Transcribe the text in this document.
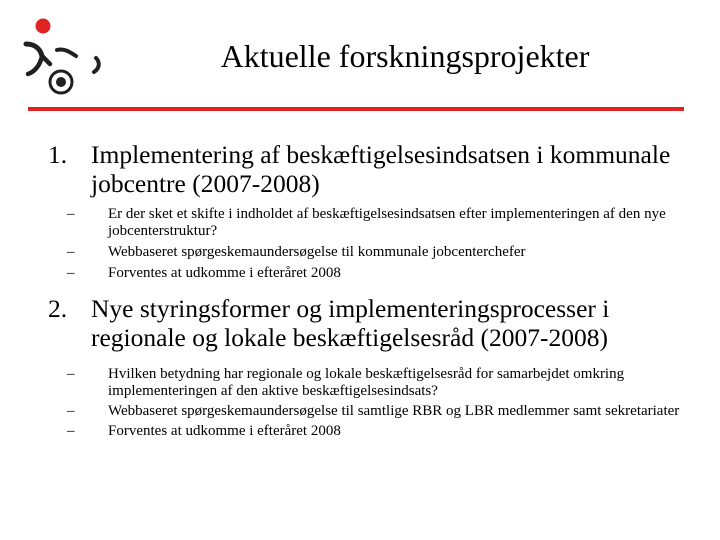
Aktuelle forskningsprojekter
1. Implementering af beskæftigelsesindsatsen i kommunale jobcentre (2007-2008)
– Er der sket et skifte i indholdet af beskæftigelsesindsatsen efter implementeringen af den nye jobcenterstruktur?
– Webbaseret spørgeskemaundersøgelse til kommunale jobcenterchefer
– Forventes at udkomme i efteråret 2008
2. Nye styringsformer og implementeringsprocesser i regionale og lokale beskæftigelsesråd (2007-2008)
– Hvilken betydning har regionale og lokale beskæftigelsesråd for samarbejdet omkring implementeringen af den aktive beskæftigelsesindsats?
– Webbaseret spørgeskemaundersøgelse til samtlige RBR og LBR medlemmer samt sekretariater
– Forventes at udkomme i efteråret 2008
